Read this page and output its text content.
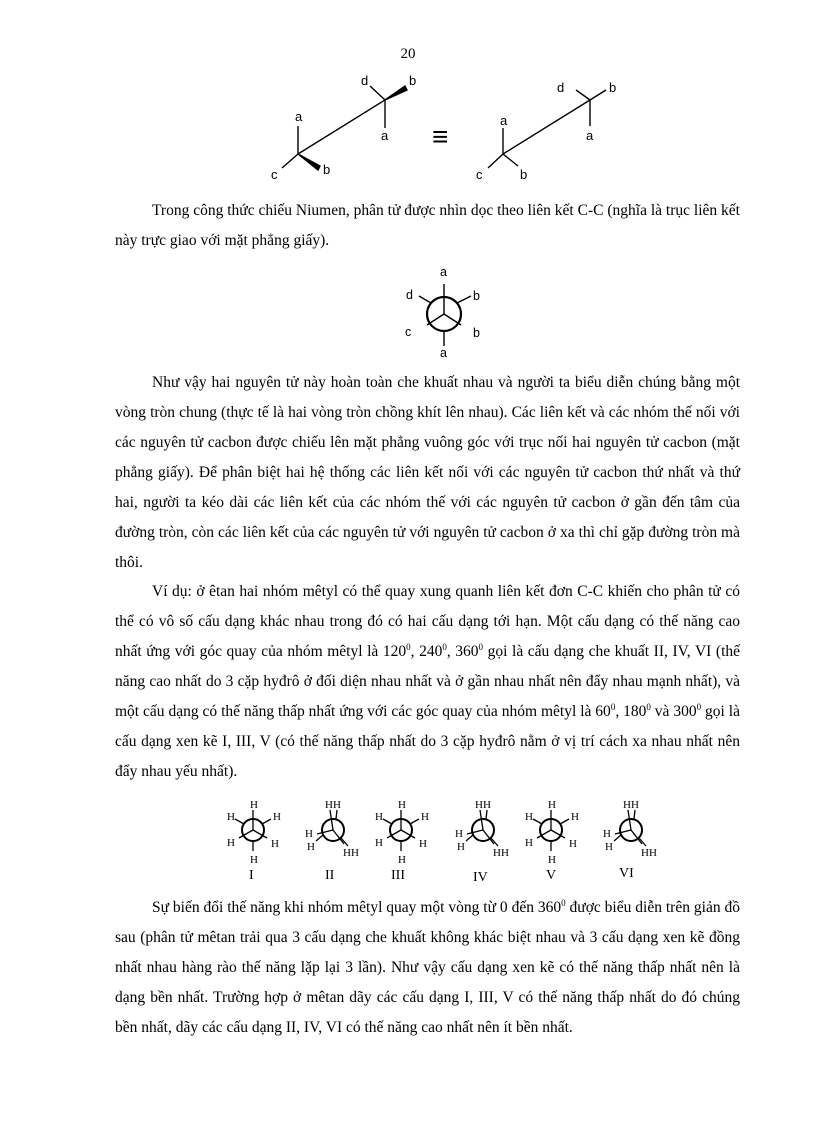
20
a
c	b
a
d	b
≡
a
c	b
a
d	b

Trong công thức chiếu Niumen, phân tử được nhìn dọc theo liên kết C-C (nghĩa là trục liên kết này trực giao với mặt phẳng giấy).

a
d	b
c	b
a

Như vậy hai nguyên tử này hoàn toàn che khuất nhau và người ta biểu diễn chúng bằng một vòng tròn chung (thực tế là hai vòng tròn chồng khít lên nhau). Các liên kết và các nhóm thế nối với các nguyên tử cacbon được chiếu lên mặt phẳng vuông góc với trục nối hai nguyên tử cacbon (mặt phẳng giấy). Để phân biệt hai hệ thống các liên kết nối với các nguyên tử cacbon thứ nhất và thứ hai, người ta kéo dài các liên kết của các nhóm thế với các nguyên tử cacbon ở gần đến tâm của đường tròn, còn các liên kết của các nguyên tử với nguyên tử cacbon ở xa thì chỉ gặp đường tròn mà thôi.

Ví dụ: ở êtan hai nhóm mêtyl có thể quay xung quanh liên kết đơn C-C khiến cho phân tử có thể có vô số cấu dạng khác nhau trong đó có hai cấu dạng tới hạn. Một cấu dạng có thế năng cao nhất ứng với góc quay của nhóm mêtyl là $120^0$, $240^0$, $360^0$ gọi là cấu dạng che khuất II, IV, VI (thế năng cao nhất do 3 cặp hyđrô ở đối diện nhau nhất và ở gần nhau nhất nên đẩy nhau mạnh nhất), và một cấu dạng có thế năng thấp nhất ứng với các góc quay của nhóm mêtyl là $60^0$, $180^0$ và $300^0$ gọi là cấu dạng xen kẽ I, III, V (có thế năng thấp nhất do 3 cặp hyđrô nằm ở vị trí cách xa nhau nhất nên đẩy nhau yếu nhất).

H
H	H
H	H
H
H H
H
H	H H
H
H	H
H	H
H
H H
H
H	H H
H
H	H
H	H
H
H H
H
H	H H
I	II	III	IV	V	VI

Sự biến đổi thế năng khi nhóm mêtyl quay một vòng từ 0 đến $360^0$ được biểu diễn trên giản đồ sau (phân tử mêtan trải qua 3 cấu dạng che khuất không khác biệt nhau và 3 cấu dạng xen kẽ đồng nhất nhau hàng rào thế năng lặp lại 3 lần). Như vậy cấu dạng xen kẽ có thế năng thấp nhất nên là dạng bền nhất. Trường hợp ở mêtan dãy các cấu dạng I, III, V có thế năng thấp nhất do đó chúng bền nhất, dãy các cấu dạng II, IV, VI có thế năng cao nhất nên ít bền nhất.
